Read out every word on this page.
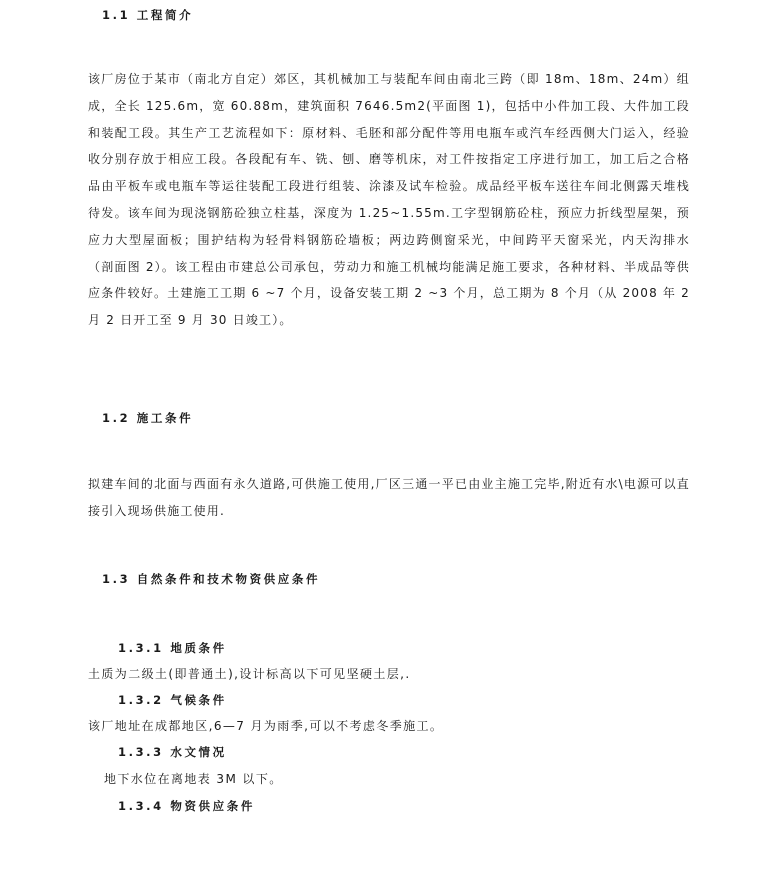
1.1 工程简介
该厂房位于某市（南北方自定）郊区，其机械加工与装配车间由南北三跨（即 18m、18m、24m）组成，全长 125.6m，宽 60.88m，建筑面积 7646.5m2(平面图 1)，包括中小件加工段、大件加工段和装配工段。其生产工艺流程如下：原材料、毛胚和部分配件等用电瓶车或汽车经西侧大门运入，经验收分别存放于相应工段。各段配有车、铣、刨、磨等机床，对工件按指定工序进行加工，加工后之合格品由平板车或电瓶车等运往装配工段进行组装、涂漆及试车检验。成品经平板车送往车间北侧露天堆栈待发。该车间为现浇钢筋砼独立柱基，深度为 1.25~1.55m.工字型钢筋砼柱，预应力折线型屋架，预应力大型屋面板；围护结构为轻骨料钢筋砼墙板；两边跨侧窗采光，中间跨平天窗采光，内天沟排水（剖面图 2）。该工程由市建总公司承包，劳动力和施工机械均能满足施工要求，各种材料、半成品等供应条件较好。土建施工工期 6 ~7 个月，设备安装工期 2 ~3 个月，总工期为 8 个月（从 2008 年 2 月 2 日开工至 9 月 30 日竣工）。
1.2 施工条件
拟建车间的北面与西面有永久道路,可供施工使用,厂区三通一平已由业主施工完毕,附近有水\电源可以直接引入现场供施工使用.
1.3 自然条件和技术物资供应条件
1.3.1 地质条件
土质为二级土(即普通土),设计标高以下可见坚硬土层,.
1.3.2 气候条件
该厂地址在成都地区,6—7 月为雨季,可以不考虑冬季施工。
1.3.3 水文情况
地下水位在离地表 3M 以下。
1.3.4 物资供应条件
